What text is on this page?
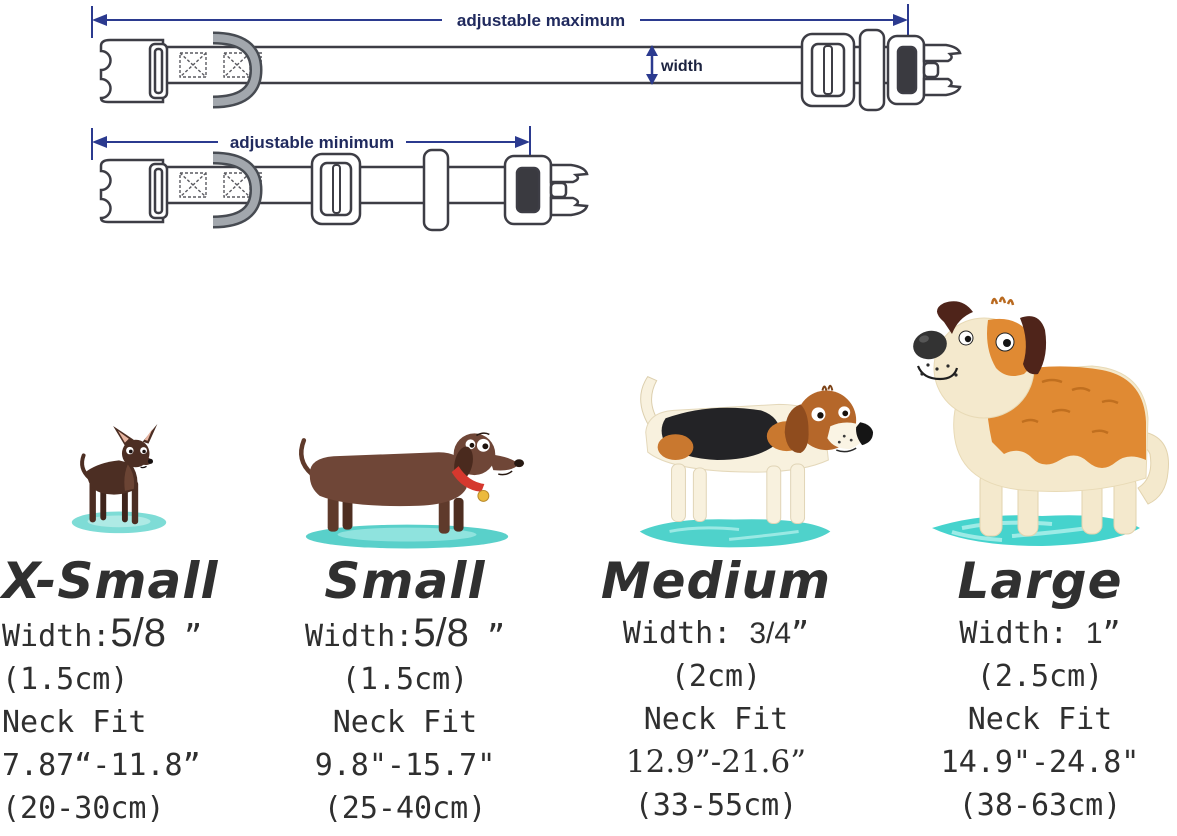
adjustable maximum
width
adjustable minimum
X-Small
Width:5/8 ”
(1.5cm)
Neck Fit
7.87“-11.8”
(20-30cm)
Small
Width:5/8 ”
(1.5cm)
Neck Fit
9.8"-15.7"
(25-40cm)
Medium
Width: 3/4”
(2cm)
Neck Fit
12.9”-21.6”
(33-55cm)
Large
Width: 1”
(2.5cm)
Neck Fit
14.9"-24.8"
(38-63cm)
